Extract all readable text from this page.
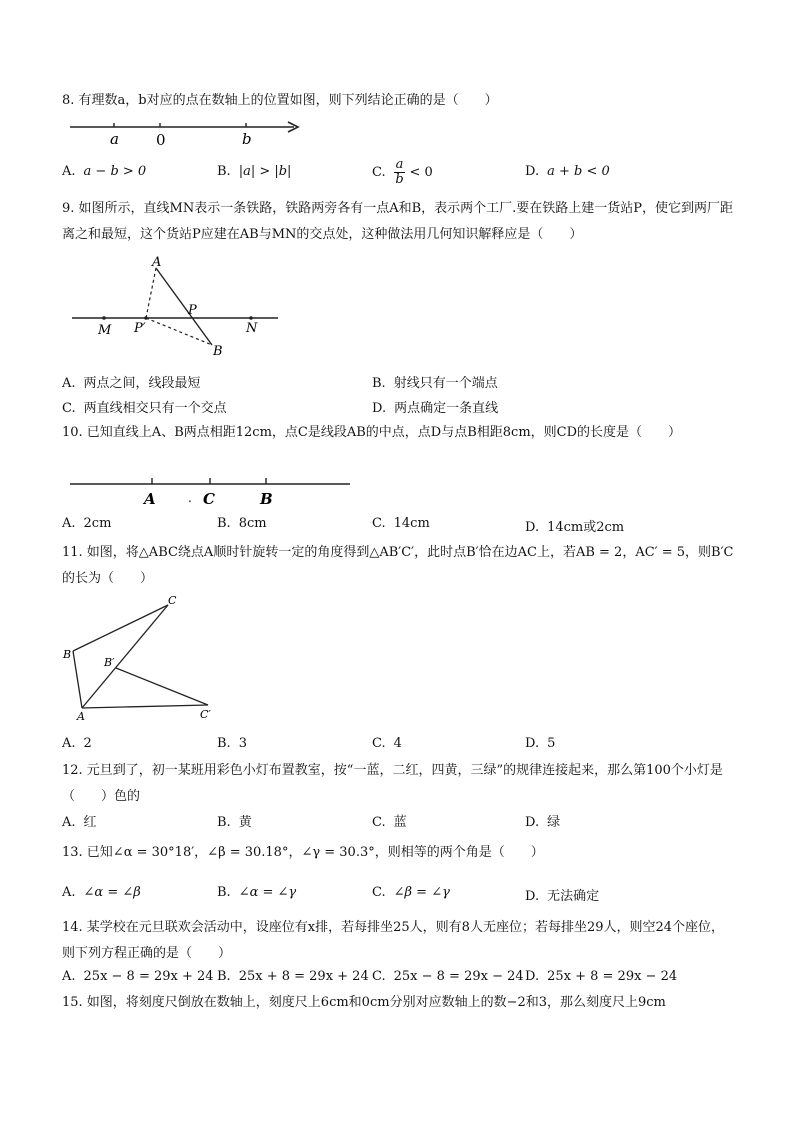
8. 有理数a，b对应的点在数轴上的位置如图，则下列结论正确的是（　　）
a 0	b
A. a − b > 0	B. |a| > |b|	C. $\frac{a}{b} < 0$	D. a + b < 0
9. 如图所示，直线MN表示一条铁路，铁路两旁各有一点A和B，表示两个工厂.要在铁路上建一货站P，使它到两厂距离之和最短，这个货站P应建在AB与MN的交点处，这种做法用几何知识解释应是（　　）
A
P
M P′	N
B
A. 两点之间，线段最短	B. 射线只有一个端点
C. 两直线相交只有一个交点	D. 两点确定一条直线
10. 已知直线上A、B两点相距12cm，点C是线段AB的中点，点D与点B相距8cm，则CD的长度是（　　）
A	. C	B
A. 2cm	B. 8cm	C. 14cm	D. 14cm或2cm
11. 如图，将△ABC绕点A顺时针旋转一定的角度得到△AB′C′，此时点B′恰在边AC上，若AB = 2，AC′ = 5，则B′C的长为（　　）
C
B
B′
A	C′
A. 2	B. 3	C. 4	D. 5
12. 元旦到了，初一某班用彩色小灯布置教室，按“一蓝，二红，四黄，三绿”的规律连接起来，那么第100个小灯是（　　）色的
A. 红	B. 黄	C. 蓝	D. 绿
13. 已知∠α = 30°18′，∠β = 30.18°，∠γ = 30.3°，则相等的两个角是（　　）
A. ∠α = ∠β	B. ∠α = ∠γ	C. ∠β = ∠γ	D. 无法确定
14. 某学校在元旦联欢会活动中，设座位有x排，若每排坐25人，则有8人无座位；若每排坐29人，则空24个座位，则下列方程正确的是（　　）
A. 25x − 8 = 29x + 24 B. 25x + 8 = 29x + 24 C. 25x − 8 = 29x − 24 D. 25x + 8 = 29x − 24
15. 如图，将刻度尺倒放在数轴上，刻度尺上6cm和0cm分别对应数轴上的数−2和3，那么刻度尺上9cm
